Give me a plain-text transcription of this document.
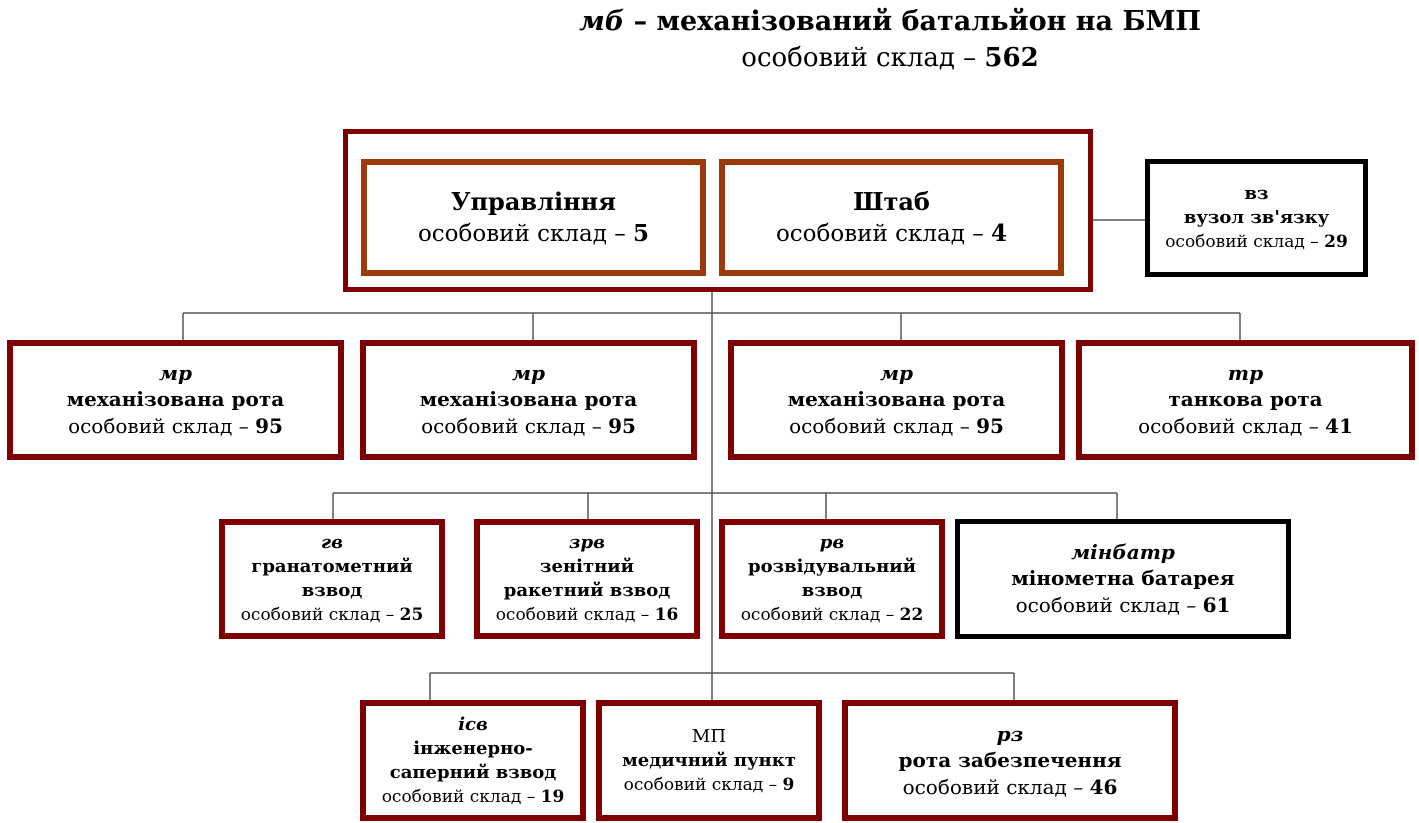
мб – механізований батальйон на БМП
особовий склад – 562
Управління
особовий склад – 5
Штаб
особовий склад – 4
вз
вузол зв'язку
особовий склад – 29
мр
механізована рота
особовий склад – 95
мр
механізована рота
особовий склад – 95
мр
механізована рота
особовий склад – 95
тр
танкова рота
особовий склад – 41
гв
гранатометний
взвод
особовий склад – 25
зрв
зенітний
ракетний взвод
особовий склад – 16
рв
розвідувальний
взвод
особовий склад – 22
мінбатр
мінометна батарея
особовий склад – 61
ісв
інженерно-
саперний взвод
особовий склад – 19
МП
медичний пункт
особовий склад – 9
рз
рота забезпечення
особовий склад – 46
